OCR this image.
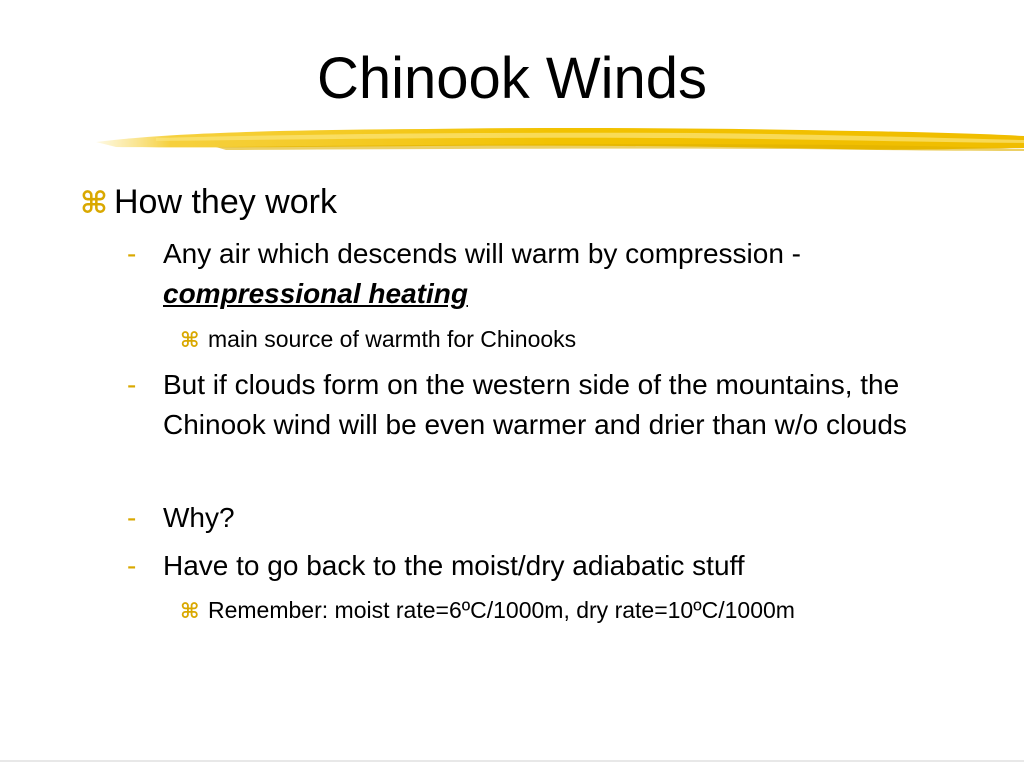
Chinook Winds
⌘ How they work
- Any air which descends will warm by compression -
compressional heating
⌘ main source of warmth for Chinooks
- But if clouds form on the western side of the mountains, the Chinook wind will be even warmer and drier than w/o clouds
- Why?
- Have to go back to the moist/dry adiabatic stuff
⌘ Remember: moist rate=6ºC/1000m, dry rate=10ºC/1000m
